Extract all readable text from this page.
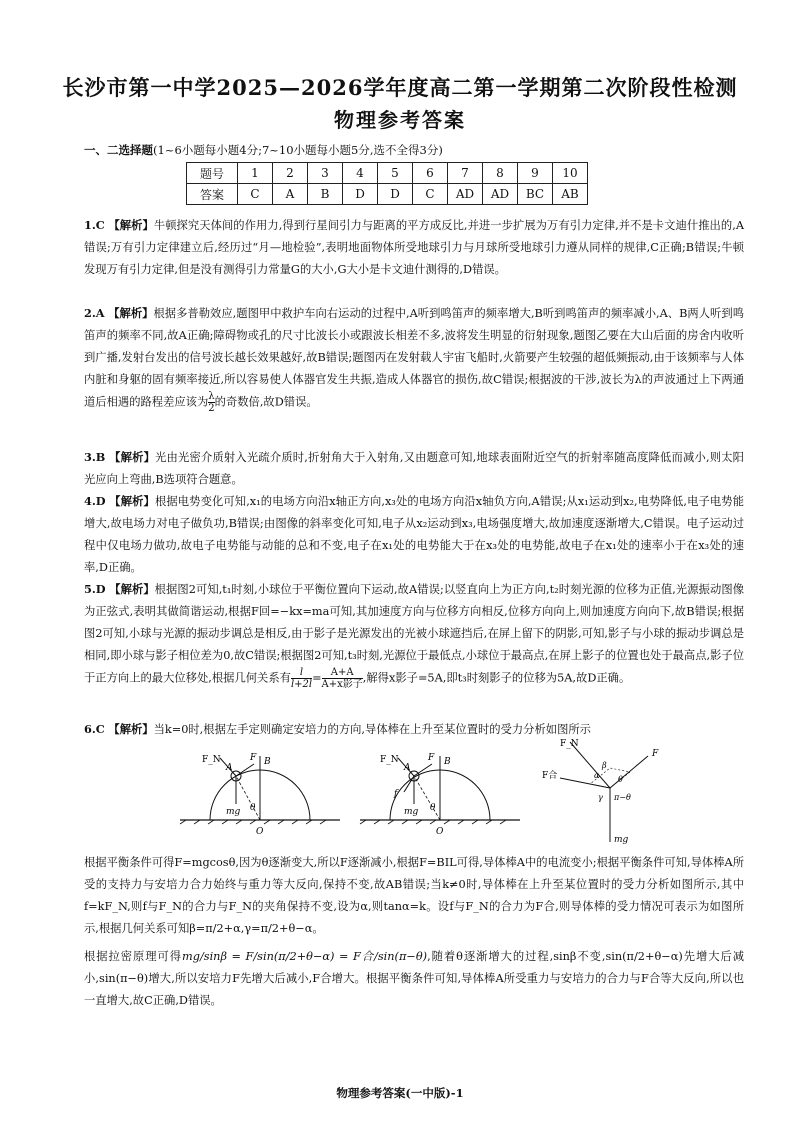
长沙市第一中学2025—2026学年度高二第一学期第二次阶段性检测
物理参考答案
一、二选择题(1~6小题每小题4分;7~10小题每小题5分,选不全得3分)
题号	1	2	3	4	5	6	7	8	9	10
答案	C	A	B	D	D	C	AD	AD	BC	AB
1.C 【解析】牛顿探究天体间的作用力,得到行星间引力与距离的平方成反比,并进一步扩展为万有引力定律,并不是卡文迪什推出的,A错误;万有引力定律建立后,经历过“月—地检验”,表明地面物体所受地球引力与月球所受地球引力遵从同样的规律,C正确;B错误;牛顿发现万有引力定律,但是没有测得引力常量G的大小,G大小是卡文迪什测得的,D错误。
2.A 【解析】根据多普勒效应,题图甲中救护车向右运动的过程中,A听到鸣笛声的频率增大,B听到鸣笛声的频率减小,A、B两人听到鸣笛声的频率不同,故A正确;障碍物或孔的尺寸比波长小或跟波长相差不多,波将发生明显的衍射现象,题图乙要在大山后面的房舍内收听到广播,发射台发出的信号波长越长效果越好,故B错误;题图丙在发射载人宇宙飞船时,火箭要产生较强的超低频振动,由于该频率与人体内脏和身躯的固有频率接近,所以容易使人体器官发生共振,造成人体器官的损伤,故C错误;根据波的干涉,波长为λ的声波通过上下两通道后相遇的路程差应该为 $\frac{\lambda}{2}$ 的奇数倍,故D错误。
3.B 【解析】光由光密介质射入光疏介质时,折射角大于入射角,又由题意可知,地球表面附近空气的折射率随高度降低而减小,则太阳光应向上弯曲,B选项符合题意。
4.D 【解析】根据电势变化可知,x₁的电场方向沿x轴正方向,x₃处的电场方向沿x轴负方向,A错误;从x₁运动到x₂,电势降低,电子电势能增大,故电场力对电子做负功,B错误;由图像的斜率变化可知,电子从x₂运动到x₃,电场强度增大,故加速度逐渐增大,C错误。电子运动过程中仅电场力做功,故电子电势能与动能的总和不变,电子在x₁处的电势能大于在x₃处的电势能,故电子在x₁处的速率小于在x₃处的速率,D正确。
5.D 【解析】根据图2可知,t₁时刻,小球位于平衡位置向下运动,故A错误;以竖直向上为正方向,t₂时刻光源的位移为正值,光源振动图像为正弦式,表明其做简谐运动,根据F回=−kx=ma可知,其加速度方向与位移方向相反,位移方向向上,则加速度方向向下,故B错误;根据图2可知,小球与光源的振动步调总是相反,由于影子是光源发出的光被小球遮挡后,在屏上留下的阴影,可知,影子与小球的振动步调总是相同,即小球与影子相位差为0,故C错误;根据图2可知,t₃时刻,光源位于最低点,小球位于最高点,在屏上影子的位置也处于最高点,影子位于正方向上的最大位移处,根据几何关系有 $\frac{l}{l+2l} = A+A$
A+x影子 ,解得x影子=5A,即t₃时刻影子的位移为5A,故D正确。
6.C 【解析】当k=0时,根据左手定则确定安培力的方向,导体棒在上升至某位置时的受力分析如图所示
F_N
A
F B
mg θ
O
F_N
A
F B
f
mg θ
O
F_N
F
F合	α
β
θ
γ π−θ
mg
根据平衡条件可得F=mgcosθ,因为θ逐渐变大,所以F逐渐减小,根据F=BIL可得,导体棒A中的电流变小;根据平衡条件可知,导体棒A所受的支持力与安培力合力始终与重力等大反向,保持不变,故AB错误;当k≠0时,导体棒在上升至某位置时的受力分析如图所示,其中f=kF_N,则f与F_N的合力与F_N的夹角保持不变,设为α,则tanα=k。设f与F_N的合力为F合,则导体棒的受力情况可表示为如图所示,根据几何关系可知β=π/2+α,γ=π/2+θ−α。
根据拉密原理可得mg/sinβ = F/sin(π/2+θ−α) = F合/sin(π−θ),随着θ逐渐增大的过程,sinβ不变,sin(π/2+θ−α)先增大后减小,sin(π−θ)增大,所以安培力F先增大后减小,F合增大。根据平衡条件可知,导体棒A所受重力与安培力的合力与F合等大反向,所以也一直增大,故C正确,D错误。
物理参考答案(一中版)-1
